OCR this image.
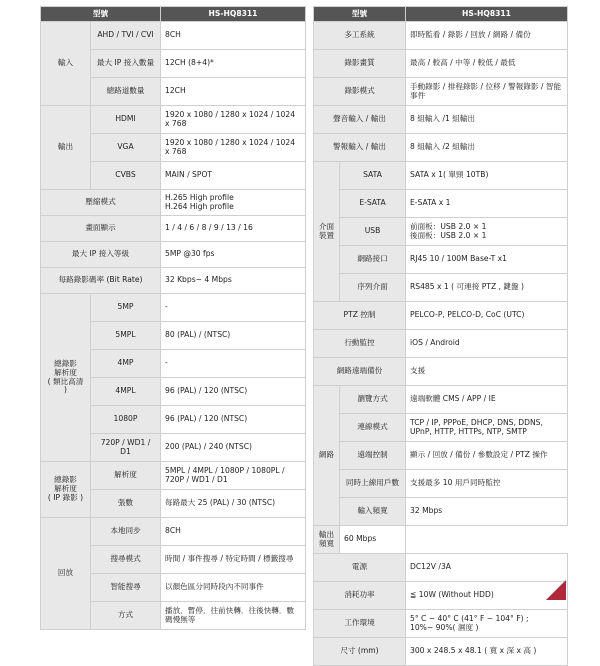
型號		HS-HQ8311
輸入	AHD / TVI / CVI	8CH
	最大 IP 接入數量	12CH (8+4)*
	總路道數量	12CH
輸出	HDMI	1920 x 1080 / 1280 x 1024 / 1024 x 768
	VGA	1920 x 1080 / 1280 x 1024 / 1024 x 768
	CVBS	MAIN / SPOT
壓縮模式		H.265 High profile
H.264 High profile
畫面顯示		1 / 4 / 6 / 8 / 9 / 13 / 16
最大 IP 接入等級		5MP @30 fps
每路錄影碼率 (Bit Rate)		32 Kbps~ 4 Mbps
總錄影
解析度
( 類比高清 )	5MP	-
	5MPL	80 (PAL) / (NTSC)
	4MP	-
	4MPL	96 (PAL) / 120 (NTSC)
	1080P	96 (PAL) / 120 (NTSC)
	720P / WD1 / D1	200 (PAL) / 240 (NTSC)
總錄影
解析度
( IP 錄影 )	解析度	5MPL / 4MPL / 1080P / 1080PL / 720P / WD1 / D1
	張數	每路最大 25 (PAL) / 30 (NTSC)
回放	本地同步	8CH
	搜尋模式	時間 / 事件搜尋 / 特定時間 / 標籤搜尋
	智能搜尋	以顏色區分同時段內不同事件
	方式	播放．暫停．往前快轉．往後快轉．數碼慢無等
型號		HS-HQ8311
多工系統		即時監看 / 錄影 / 回放 / 網路 / 備份
錄影畫質		最高 / 較高 / 中等 / 較低 / 最低
錄影模式		手動錄影 / 排程錄影 / 位移 / 警報錄影 / 智能事件
聲音輸入 / 輸出		8 組輸入 /1 組輸出
警報輸入 / 輸出		8 組輸入 /2 組輸出
介面
裝置	SATA	SATA x 1( 單頸 10TB)
	E-SATA	E-SATA x 1
	USB	前面板：USB 2.0 × 1
後面板：USB 2.0 × 1
	網路接口	RJ45 10 / 100M Base-T x1
	序列介面	RS485 x 1 ( 可連接 PTZ , 鍵盤 )
PTZ 控制		PELCO-P, PELCO-D, CoC (UTC)
行動監控		iOS / Android
網路遠端備份		支援
網路	瀏覽方式	遠端軟體 CMS / APP / IE
	連線模式	TCP / IP, PPPoE, DHCP, DNS, DDNS, UPnP, HTTP, HTTPs, NTP, SMTP
	遠端控制	顯示 / 回放 / 備份 / 參數設定 / PTZ 操作
	同時上線用戶數	支援最多 10 用戶同時監控
	輸入頻寬	32 Mbps
輸出頻寬	60 Mbps	
電源		DC12V /3A
消耗功率		≦ 10W (Without HDD)
工作環境		5° C ~ 40° C (41° F ~ 104° F) ;
10%~ 90%( 濕度 )
尺寸 (mm)		300 x 248.5 x 48.1 ( 寬 x 深 x 高 )
